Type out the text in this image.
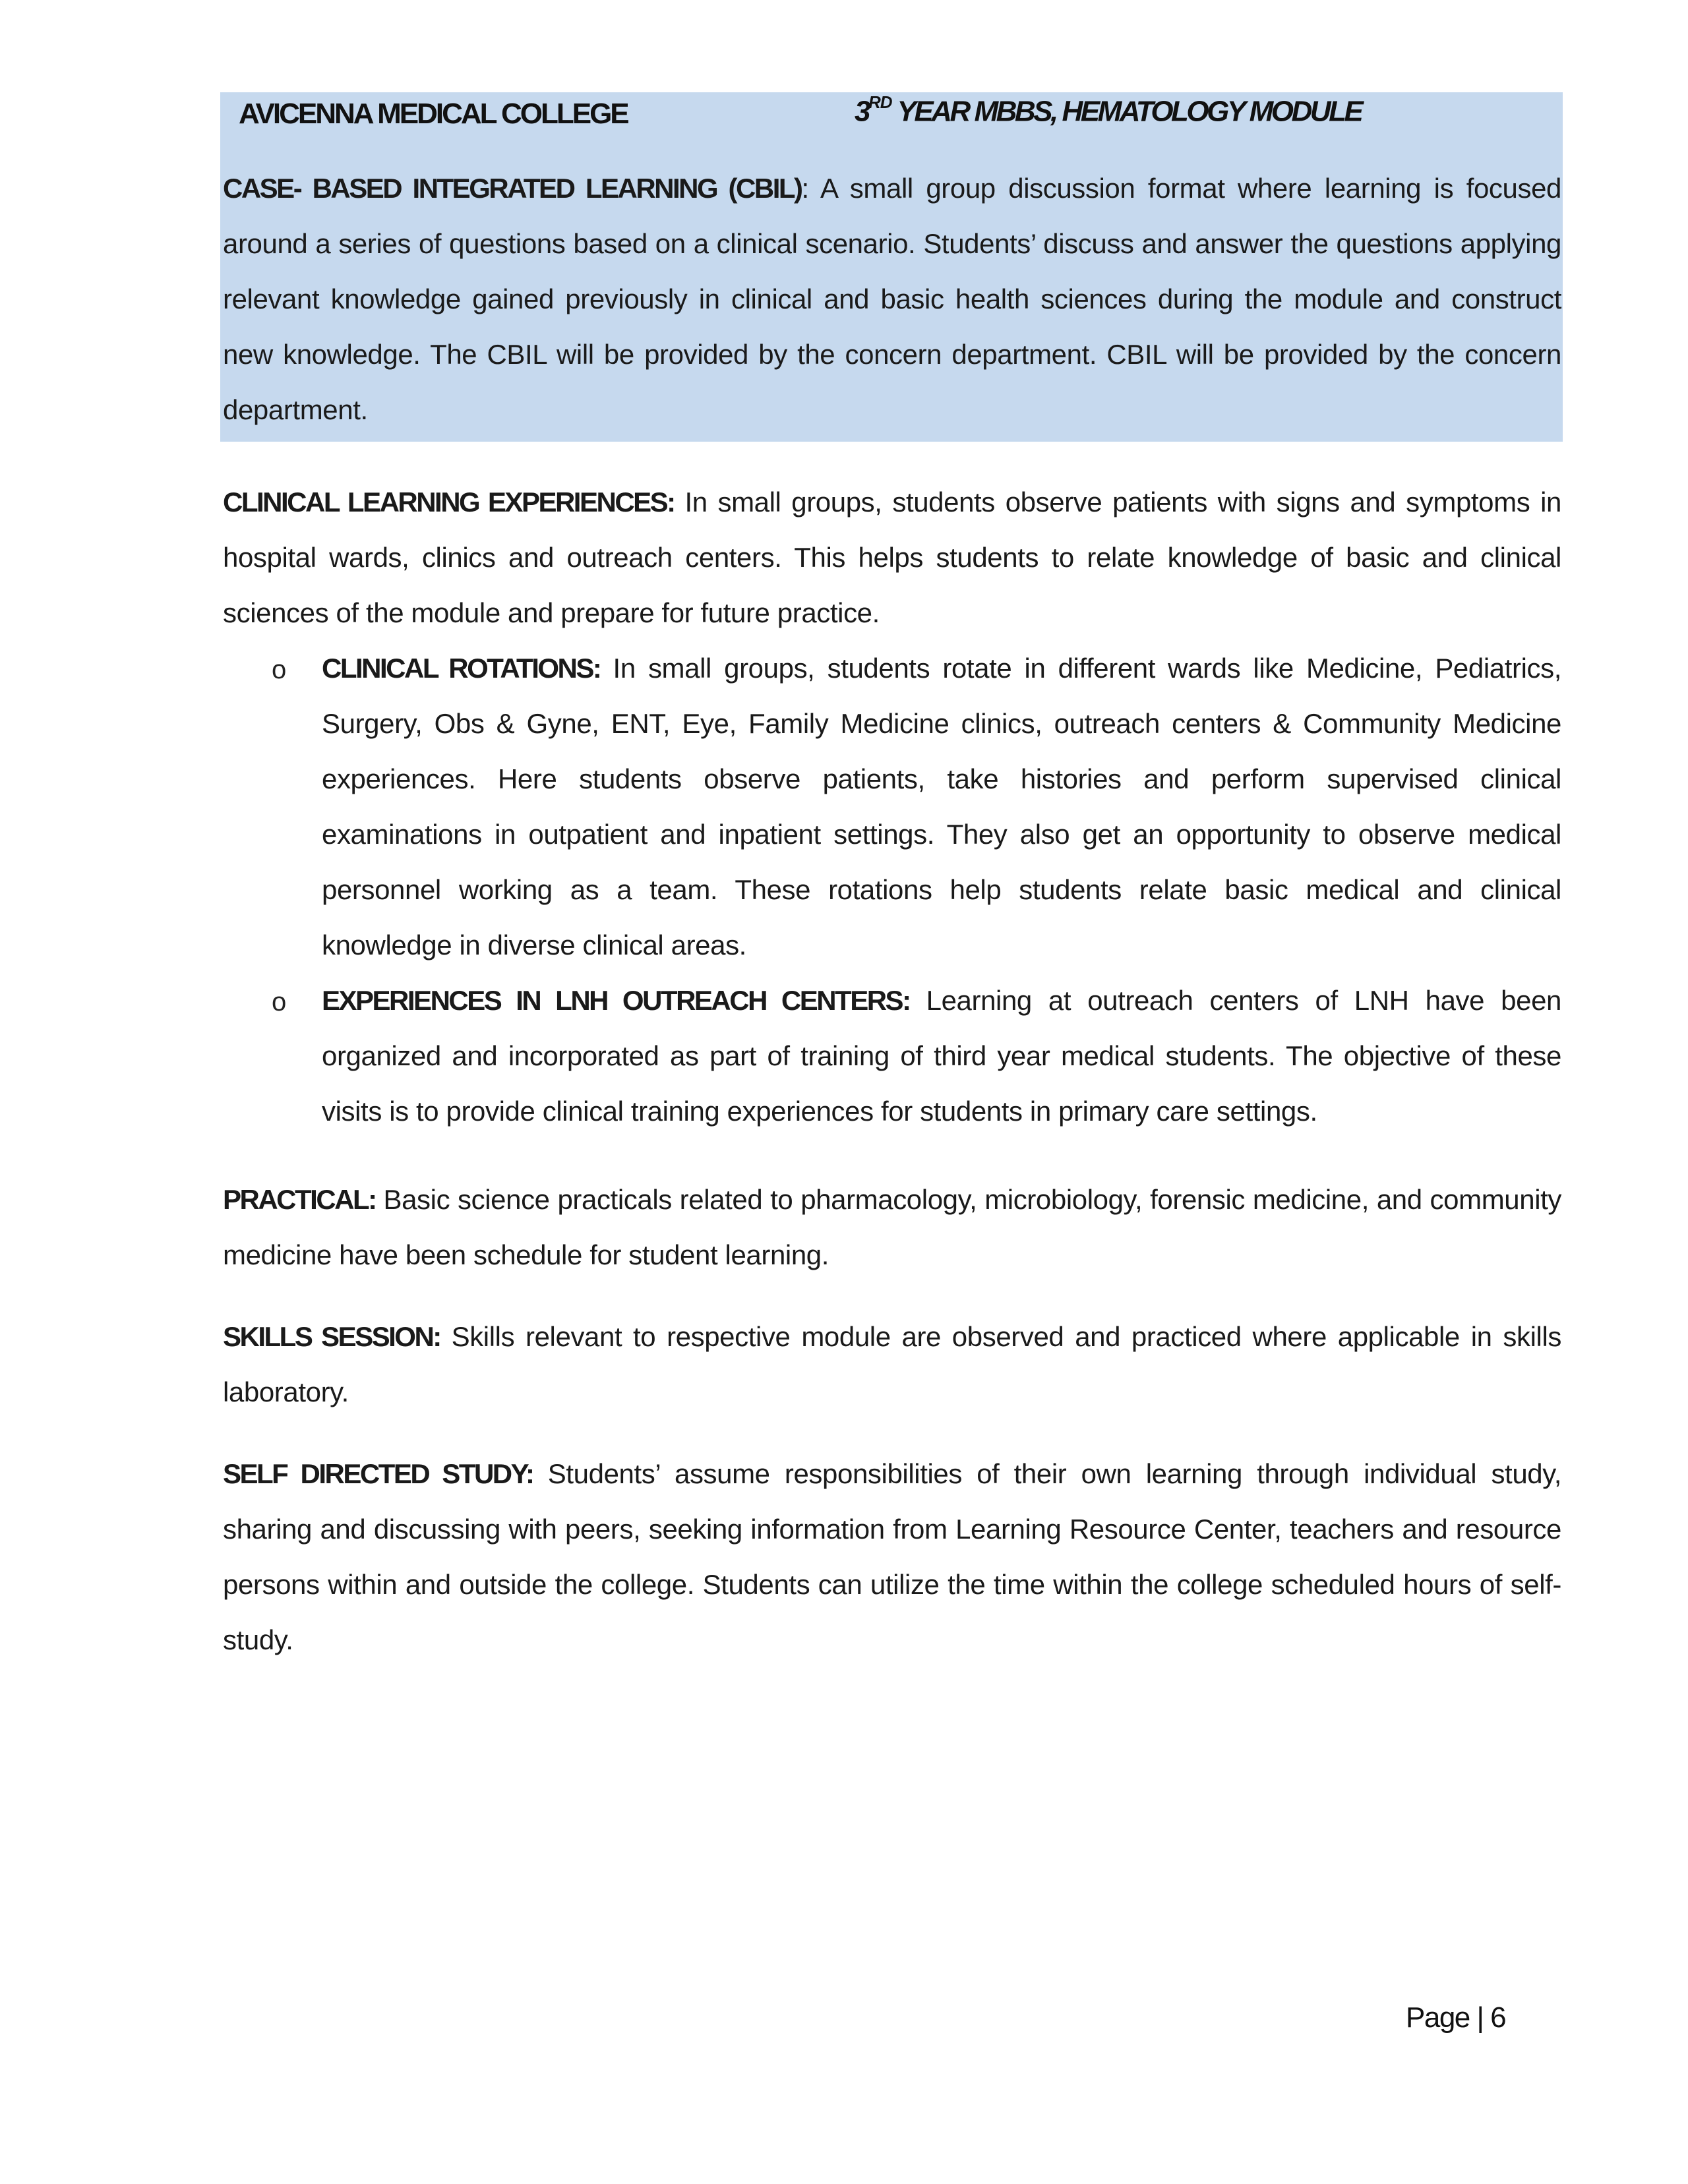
AVICENNA MEDICAL COLLEGE	3RD YEAR MBBS, HEMATOLOGY MODULE
CASE- BASED INTEGRATED LEARNING (CBIL): A small group discussion format where learning is focused around a series of questions based on a clinical scenario. Students’ discuss and answer the questions applying relevant knowledge gained previously in clinical and basic health sciences during the module and construct new knowledge. The CBIL will be provided by the concern department. CBIL will be provided by the concern department.
CLINICAL LEARNING EXPERIENCES: In small groups, students observe patients with signs and symptoms in hospital wards, clinics and outreach centers. This helps students to relate knowledge of basic and clinical sciences of the module and prepare for future practice.
o CLINICAL ROTATIONS: In small groups, students rotate in different wards like Medicine, Pediatrics, Surgery, Obs & Gyne, ENT, Eye, Family Medicine clinics, outreach centers & Community Medicine experiences. Here students observe patients, take histories and perform supervised clinical examinations in outpatient and inpatient settings. They also get an opportunity to observe medical personnel working as a team. These rotations help students relate basic medical and clinical knowledge in diverse clinical areas.
o EXPERIENCES IN LNH OUTREACH CENTERS: Learning at outreach centers of LNH have been organized and incorporated as part of training of third year medical students. The objective of these visits is to provide clinical training experiences for students in primary care settings.
PRACTICAL: Basic science practicals related to pharmacology, microbiology, forensic medicine, and community medicine have been schedule for student learning.
SKILLS SESSION: Skills relevant to respective module are observed and practiced where applicable in skills laboratory.
SELF DIRECTED STUDY: Students’ assume responsibilities of their own learning through individual study, sharing and discussing with peers, seeking information from Learning Resource Center, teachers and resource persons within and outside the college. Students can utilize the time within the college scheduled hours of self-study.
Page | 6
